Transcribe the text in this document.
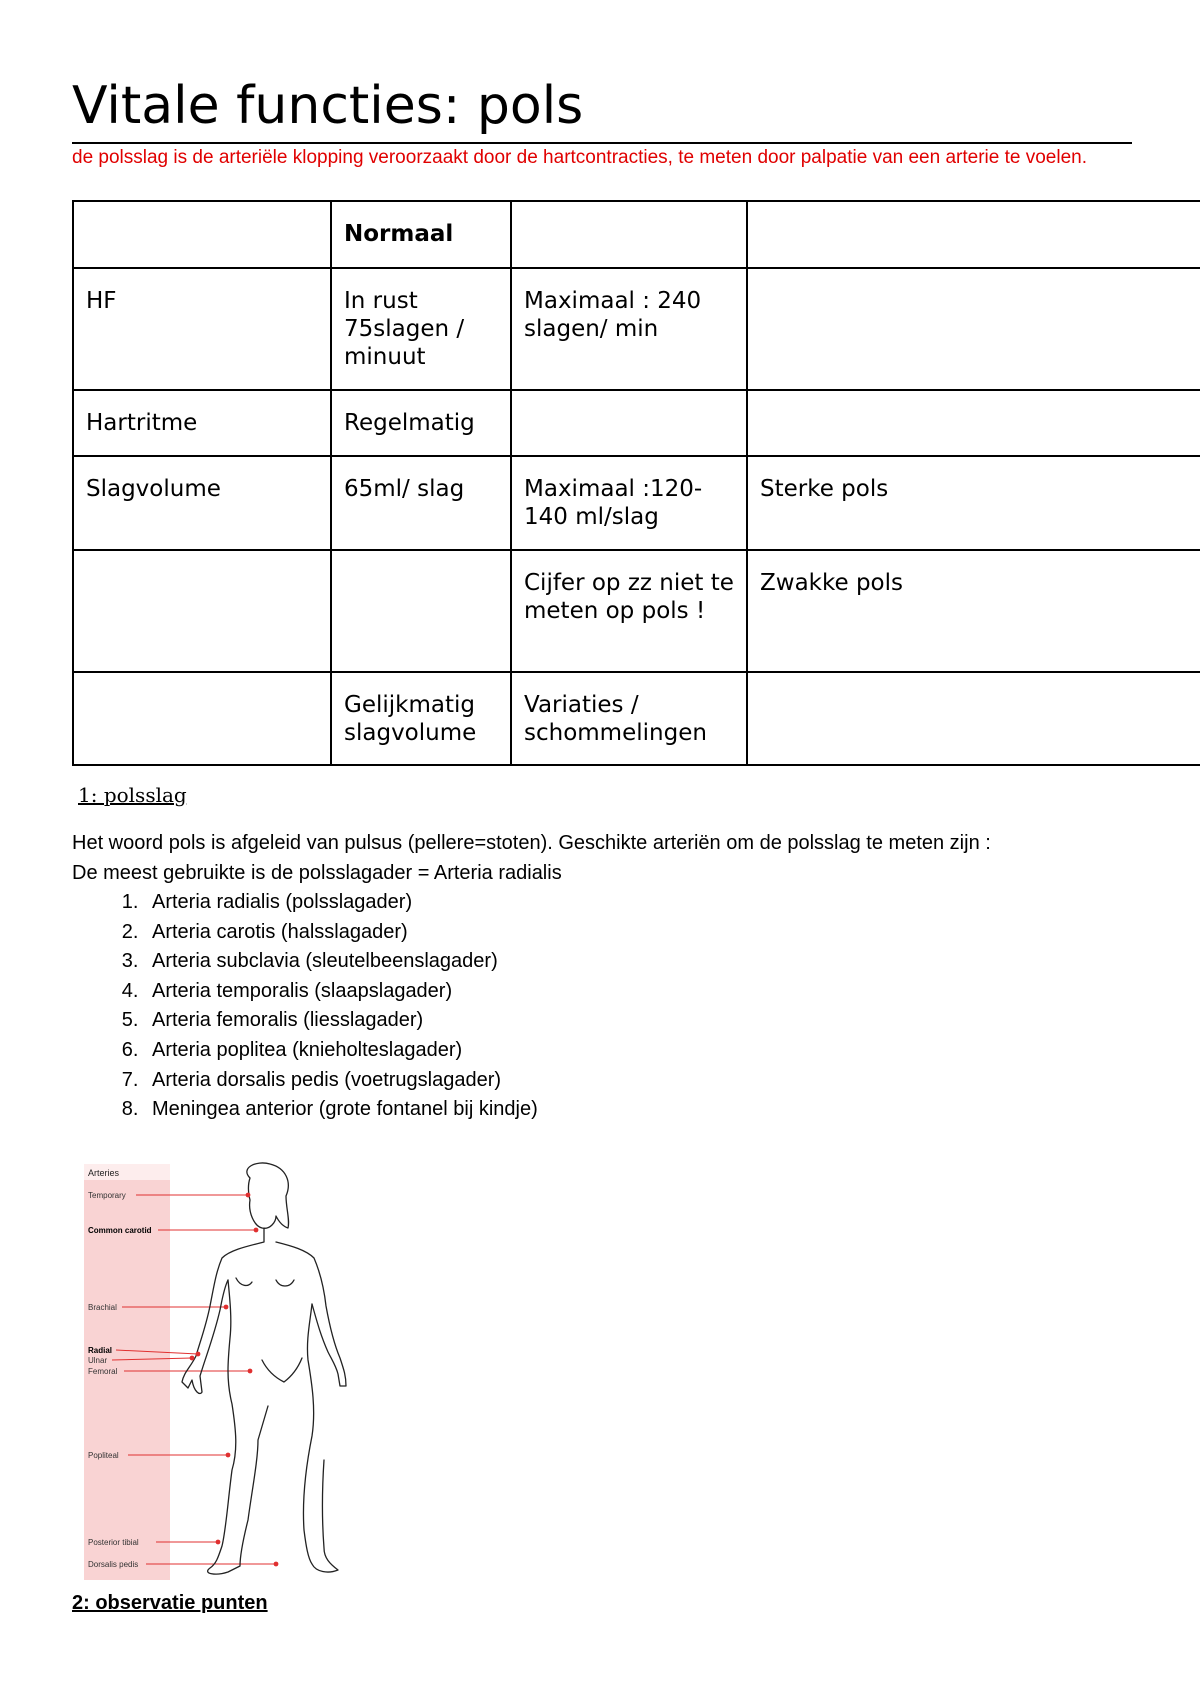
Vitale functies: pols
de polsslag is de arteriële klopping veroorzaakt door de hartcontracties, te meten door palpatie van een arterie te voelen.
	Normaal		
HF	In rust 75slagen / minuut	Maximaal : 240 slagen/ min	
Hartritme	Regelmatig		
Slagvolume	65ml/ slag	Maximaal :120-140 ml/slag	Sterke pols
		Cijfer op zz niet te meten op pols !	Zwakke pols
	Gelijkmatig slagvolume	Variaties / schommelingen	
1: polsslag
Het woord pols is afgeleid van pulsus (pellere=stoten). Geschikte arteriën om de polsslag te meten zijn :
De meest gebruikte is de polsslagader = Arteria radialis
1. Arteria radialis (polsslagader)
2. Arteria carotis (halsslagader)
3. Arteria subclavia (sleutelbeenslagader)
4. Arteria temporalis (slaapslagader)
5. Arteria femoralis (liesslagader)
6. Arteria poplitea (knieholteslagader)
7. Arteria dorsalis pedis (voetrugslagader)
8. Meningea anterior (grote fontanel bij kindje)
Arteries
Temporary
Common carotid
Brachial
Radial
Ulnar
Femoral
Popliteal
Posterior tibial
Dorsalis pedis
2: observatie punten
